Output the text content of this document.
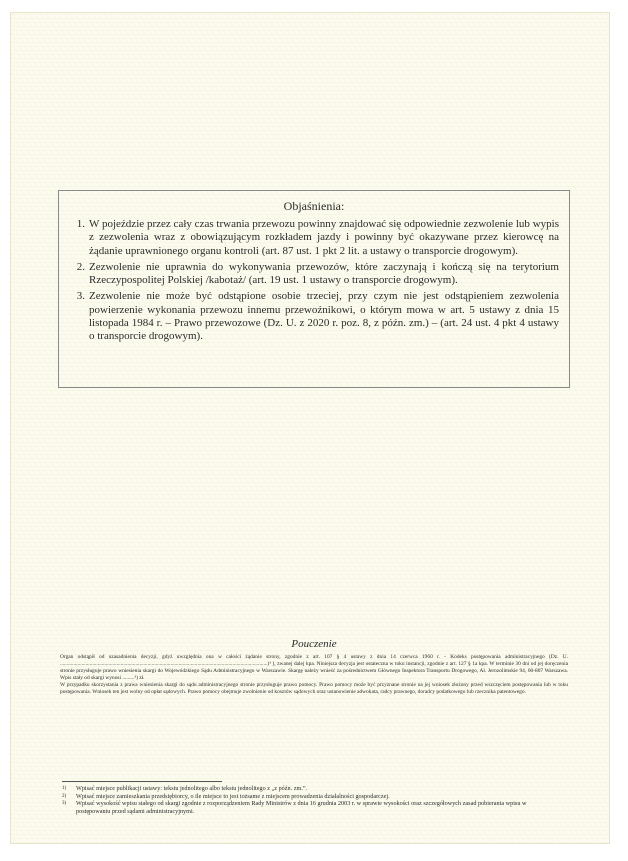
Objaśnienia:
1. W pojeździe przez cały czas trwania przewozu powinny znajdować się odpowiednie zezwolenie lub wypis z zezwolenia wraz z obowiązującym rozkładem jazdy i powinny być okazywane przez kierowcę na żądanie uprawnionego organu kontroli (art. 87 ust. 1 pkt 2 lit. a ustawy o transporcie drogowym).
2. Zezwolenie nie uprawnia do wykonywania przewozów, które zaczynają i kończą się na terytorium Rzeczypospolitej Polskiej /kabotaż/ (art. 19 ust. 1 ustawy o transporcie drogowym).
3. Zezwolenie nie może być odstąpione osobie trzeciej, przy czym nie jest odstąpieniem zezwolenia powierzenie wykonania przewozu innemu przewoźnikowi, o którym mowa w art. 5 ustawy z dnia 15 listopada 1984 r. – Prawo przewozowe (Dz. U. z 2020 r. poz. 8, z późn. zm.) – (art. 24 ust. 4 pkt 4 ustawy o transporcie drogowym).
Pouczenie

Organ odstąpił od uzasadnienia decyzji, gdyż uwzględnia ona w całości żądanie strony, zgodnie z art. 107 § 4 ustawy z dnia 14 czerwca 1960 r. - Kodeks postępowania administracyjnego (Dz. U. ..........................................................................................................................................................)¹ ), zwanej dalej kpa. Niniejsza decyzja jest ostateczna w toku instancji, zgodnie z art. 127 § 1a kpa. W terminie 30 dni od jej doręczenia stronie przysługuje prawo wniesienia skargi do Wojewódzkiego Sądu Administracyjnego w Warszawie. Skargę należy wnieść za pośrednictwem Głównego Inspektora Transportu Drogowego, Al. Jerozolimskie 94, 00-807 Warszawa. Wpis stały od skargi wynosi .........³) zł.

W przypadku skorzystania z prawa wniesienia skargi do sądu administracyjnego stronie przysługuje prawo pomocy. Prawo pomocy może być przyznane stronie na jej wniosek złożony przed wszczęciem postępowania lub w toku postępowania. Wniosek ten jest wolny od opłat sądowych. Prawo pomocy obejmuje zwolnienie od kosztów sądowych oraz ustanowienie adwokata, radcy prawnego, doradcy podatkowego lub rzecznika patentowego.

1)	Wpisać miejsce publikacji ustawy: tekstu jednolitego albo tekstu jednolitego z „z późn. zm.”.
2)	Wpisać miejsce zamieszkania przedsiębiorcy, o ile miejsce to jest tożsame z miejscem prowadzenia działalności gospodarczej.
3)	Wpisać wysokość wpisu stałego od skargi zgodnie z rozporządzeniem Rady Ministrów z dnia 16 grudnia 2003 r. w sprawie wysokości oraz szczegółowych zasad pobierania wpisu w postępowaniu przed sądami administracyjnymi.
